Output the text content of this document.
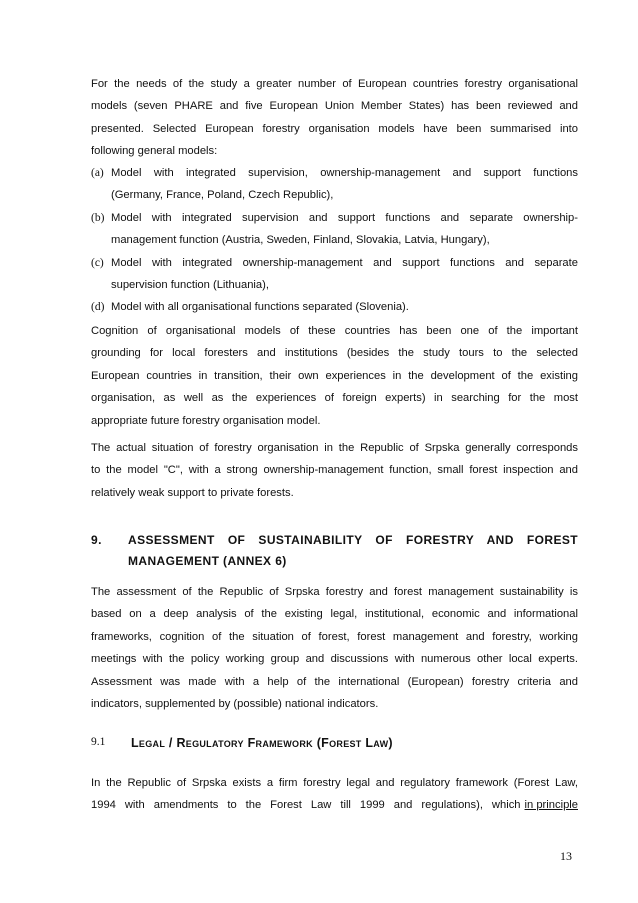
For the needs of the study a greater number of European countries forestry organisational
models (seven PHARE and five European Union Member States) has been reviewed and
presented. Selected European forestry organisation models have been summarised into
following general models:
(a) Model with integrated supervision, ownership-management and support functions
(Germany, France, Poland, Czech Republic),
(b) Model with integrated supervision and support functions and separate ownership-
management function (Austria, Sweden, Finland, Slovakia, Latvia, Hungary),
(c) Model with integrated ownership-management and support functions and separate
supervision function (Lithuania),
(d) Model with all organisational functions separated (Slovenia).
Cognition of organisational models of these countries has been one of the important
grounding for local foresters and institutions (besides the study tours to the selected
European countries in transition, their own experiences in the development of the existing
organisation, as well as the experiences of foreign experts) in searching for the most
appropriate future forestry organisation model.
The actual situation of forestry organisation in the Republic of Srpska generally corresponds
to the model "C", with a strong ownership-management function, small forest inspection and
relatively weak support to private forests.
9. ASSESSMENT OF SUSTAINABILITY OF FORESTRY AND FOREST
MANAGEMENT (ANNEX 6)
The assessment of the Republic of Srpska forestry and forest management sustainability is
based on a deep analysis of the existing legal, institutional, economic and informational
frameworks, cognition of the situation of forest, forest management and forestry, working
meetings with the policy working group and discussions with numerous other local experts.
Assessment was made with a help of the international (European) forestry criteria and
indicators, supplemented by (possible) national indicators.
9.1 Legal / Regulatory Framework (Forest Law)
In the Republic of Srpska exists a firm forestry legal and regulatory framework (Forest Law,
1994 with amendments to the Forest Law till 1999 and regulations), which in principle
13
